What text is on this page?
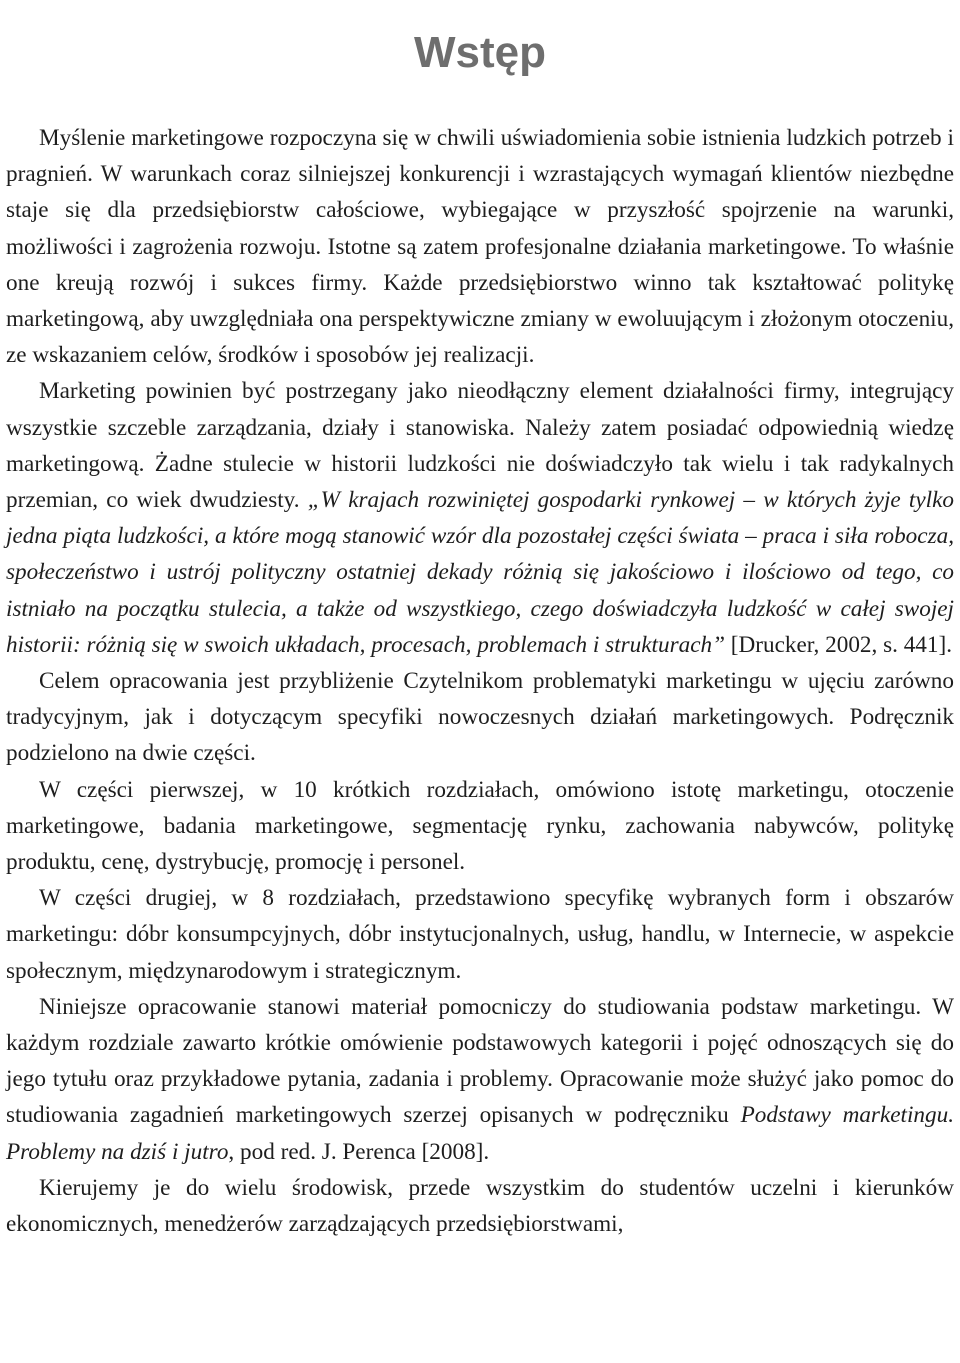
Wstęp

Myślenie marketingowe rozpoczyna się w chwili uświadomienia sobie istnienia ludzkich potrzeb i pragnień. W warunkach coraz silniejszej konkurencji i wzrastających wymagań klientów niezbędne staje się dla przedsiębiorstw całościowe, wybiegające w przyszłość spojrzenie na warunki, możliwości i zagrożenia rozwoju. Istotne są zatem profesjonalne działania marketingowe. To właśnie one kreują rozwój i sukces firmy. Każde przedsiębiorstwo winno tak kształtować politykę marketingową, aby uwzględniała ona perspektywiczne zmiany w ewoluującym i złożonym otoczeniu, ze wskazaniem celów, środków i sposobów jej realizacji.

Marketing powinien być postrzegany jako nieodłączny element działalności firmy, integrujący wszystkie szczeble zarządzania, działy i stanowiska. Należy zatem posiadać odpowiednią wiedzę marketingową. Żadne stulecie w historii ludzkości nie doświadczyło tak wielu i tak radykalnych przemian, co wiek dwudziesty. „W krajach rozwiniętej gospodarki rynkowej – w których żyje tylko jedna piąta ludzkości, a które mogą stanowić wzór dla pozostałej części świata – praca i siła robocza, społeczeństwo i ustrój polityczny ostatniej dekady różnią się jakościowo i ilościowo od tego, co istniało na początku stulecia, a także od wszystkiego, czego doświadczyła ludzkość w całej swojej historii: różnią się w swoich układach, procesach, problemach i strukturach” [Drucker, 2002, s. 441].

Celem opracowania jest przybliżenie Czytelnikom problematyki marketingu w ujęciu zarówno tradycyjnym, jak i dotyczącym specyfiki nowoczesnych działań marketingowych. Podręcznik podzielono na dwie części.

W części pierwszej, w 10 krótkich rozdziałach, omówiono istotę marketingu, otoczenie marketingowe, badania marketingowe, segmentację rynku, zachowania nabywców, politykę produktu, cenę, dystrybucję, promocję i personel.

W części drugiej, w 8 rozdziałach, przedstawiono specyfikę wybranych form i obszarów marketingu: dóbr konsumpcyjnych, dóbr instytucjonalnych, usług, handlu, w Internecie, w aspekcie społecznym, międzynarodowym i strategicznym.

Niniejsze opracowanie stanowi materiał pomocniczy do studiowania podstaw marketingu. W każdym rozdziale zawarto krótkie omówienie podstawowych kategorii i pojęć odnoszących się do jego tytułu oraz przykładowe pytania, zadania i problemy. Opracowanie może służyć jako pomoc do studiowania zagadnień marketingowych szerzej opisanych w podręczniku Podstawy marketingu. Problemy na dziś i jutro, pod red. J. Perenca [2008].

Kierujemy je do wielu środowisk, przede wszystkim do studentów uczelni i kierunków ekonomicznych, menedżerów zarządzających przedsiębiorstwami,
